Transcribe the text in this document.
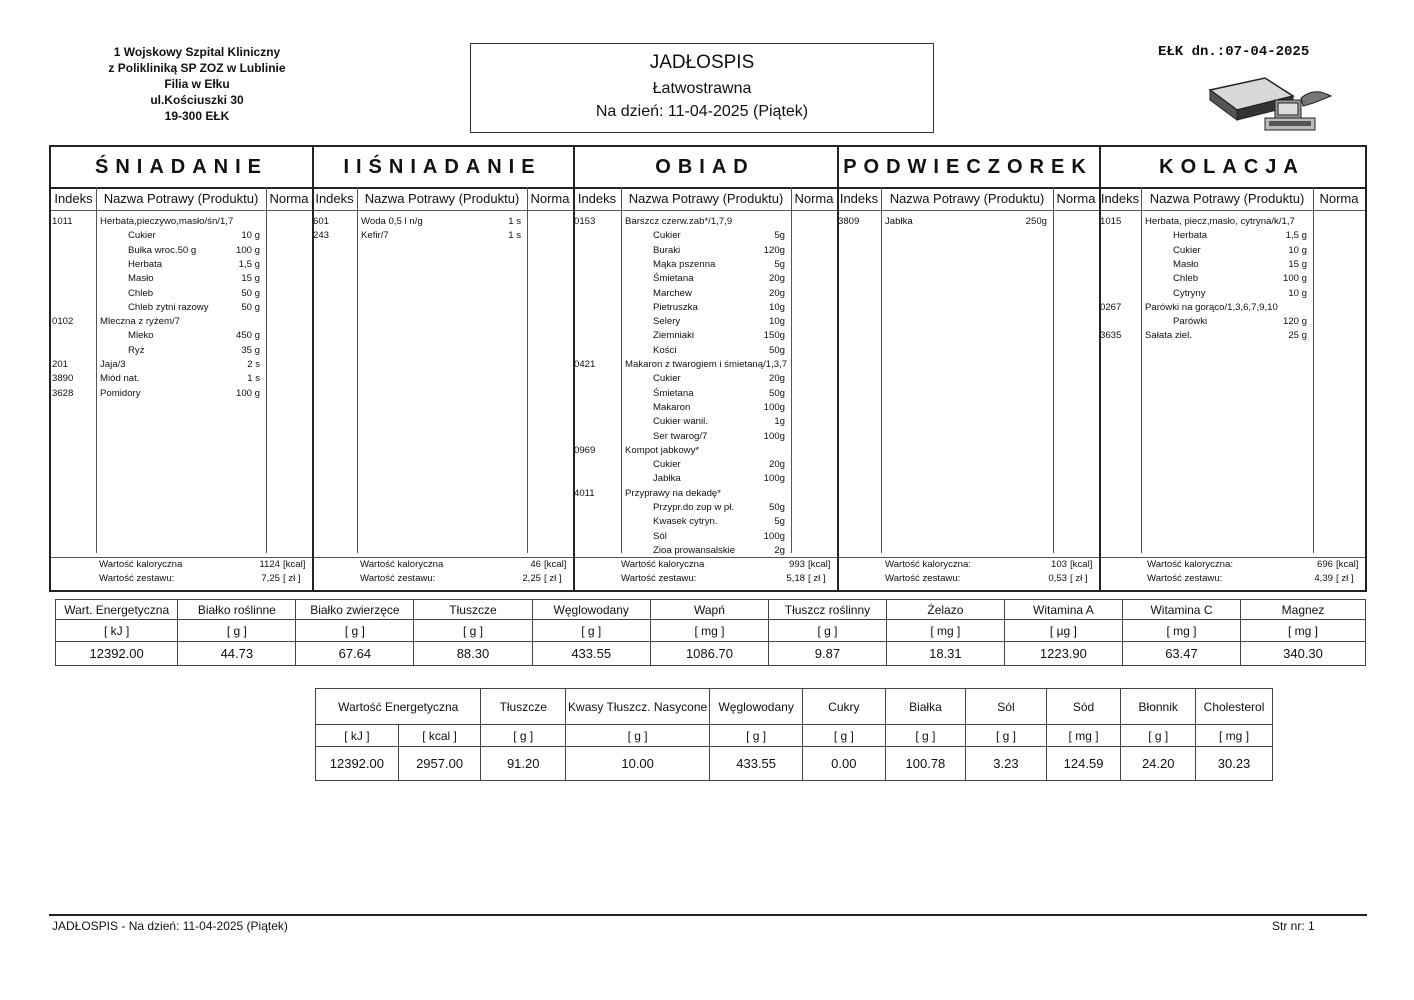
1 Wojskowy Szpital Kliniczny
z Polikliniką SP ZOZ w Lublinie
Filia w Ełku
ul.Kościuszki 30
19-300 EŁK
JADŁOSPIS
Łatwostrawna
Na dzień: 11-04-2025 (Piątek)
EŁK dn.:07-04-2025
ŚNIADANIE
Indeks Nazwa Potrawy (Produktu) Norma
1011	Herbata,pieczywo,masło/śn/1,7
Cukier	10 g
Bułka wroc.50 g	100 g
Herbata	1,5 g
Masło	15 g
Chleb	50 g
Chleb zytni razowy	50 g
0102	Mleczna z ryżem/7
Mleko	450 g
Ryż	35 g
201	Jaja/3	2 s
3890	Miód nat.	1 s
3628	Pomidory	100 g
Wartość kaloryczna	1124 [kcal]
Wartość zestawu:	7,25 [ zł ]
IIŚNIADANIE
Indeks Nazwa Potrawy (Produktu) Norma
601	Woda 0,5 l n/g	1 s
243	Kefir/7	1 s
Wartość kaloryczna	46 [kcal]
Wartość zestawu:	2,25 [ zł ]
OBIAD
Indeks Nazwa Potrawy (Produktu) Norma
0153	Barszcz czerw.zab*/1,7,9
Cukier	5g
Buraki	120g
Mąka pszenna	5g
Śmietana	20g
Marchew	20g
Pietruszka	10g
Selery	10g
Ziemniaki	150g
Kości	50g
0421	Makaron z twarogiem i śmietaną/1,3,7
Cukier	20g
Śmietana	50g
Makaron	100g
Cukier wanil.	1g
Ser twarog/7	100g
0969	Kompot jabkowy*
Cukier	20g
Jabłka	100g
4011	Przyprawy na dekadę*
Przypr.do zup w pł.	50g
Kwasek cytryn.	5g
Sól	100g
Zioa prowansalskie	2g
Wartość kaloryczna	993 [kcal]
Wartość zestawu:	5,18 [ zł ]
PODWIECZOREK
Indeks Nazwa Potrawy (Produktu) Norma
3809	Jabłka	250g
Wartość kaloryczna:	103 [kcal]
Wartość zestawu:	0,53 [ zł ]
KOLACJA
Indeks Nazwa Potrawy (Produktu)	Norma
1015	Herbata, piecz,masło, cytryna/k/1,7
Herbata	1,5 g
Cukier	10 g
Masło	15 g
Chleb	100 g
Cytryny	10 g
0267	Parówki na gorąco/1,3,6,7,9,10
Parówki	120 g
3635	Sałata ziel.	25 g
Wartość kaloryczna:	696 [kcal]
Wartość zestawu:	4,39 [ zł ]
Wart. Energetyczna	Białko roślinne	Białko zwierzęce	Tłuszcze	Węglowodany	Wapń	Tłuszcz roślinny	Żelazo	Witamina A	Witamina C	Magnez
[ kJ ]	[ g ]	[ g ]	[ g ]	[ g ]	[ mg ]	[ g ]	[ mg ]	[ µg ]	[ mg ]	[ mg ]
12392.00	44.73	67.64	88.30	433.55	1086.70	9.87	18.31	1223.90	63.47	340.30
Wartość Energetyczna		Tłuszcze	Kwasy Tłuszcz. Nasycone	Węglowodany	Cukry	Białka	Sól	Sód	Błonnik	Cholesterol
[ kJ ]	[ kcal ]	[ g ]	[ g ]	[ g ]	[ g ]	[ g ]	[ g ]	[ mg ]	[ g ]	[ mg ]
12392.00	2957.00	91.20	10.00	433.55	0.00	100.78	3.23	124.59	24.20	30.23
JADŁOSPIS - Na dzień: 11-04-2025 (Piątek)	Str nr: 1
